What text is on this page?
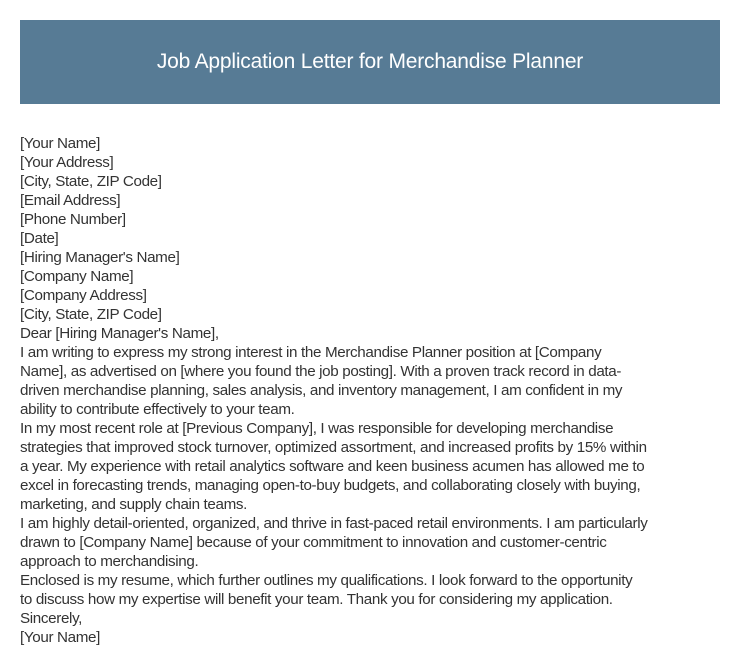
Job Application Letter for Merchandise Planner
[Your Name]
[Your Address]
[City, State, ZIP Code]
[Email Address]
[Phone Number]
[Date]
[Hiring Manager's Name]
[Company Name]
[Company Address]
[City, State, ZIP Code]
Dear [Hiring Manager's Name],
I am writing to express my strong interest in the Merchandise Planner position at [Company
Name], as advertised on [where you found the job posting]. With a proven track record in data-
driven merchandise planning, sales analysis, and inventory management, I am confident in my
ability to contribute effectively to your team.
In my most recent role at [Previous Company], I was responsible for developing merchandise
strategies that improved stock turnover, optimized assortment, and increased profits by 15% within
a year. My experience with retail analytics software and keen business acumen has allowed me to
excel in forecasting trends, managing open-to-buy budgets, and collaborating closely with buying,
marketing, and supply chain teams.
I am highly detail-oriented, organized, and thrive in fast-paced retail environments. I am particularly
drawn to [Company Name] because of your commitment to innovation and customer-centric
approach to merchandising.
Enclosed is my resume, which further outlines my qualifications. I look forward to the opportunity
to discuss how my expertise will benefit your team. Thank you for considering my application.
Sincerely,
[Your Name]
